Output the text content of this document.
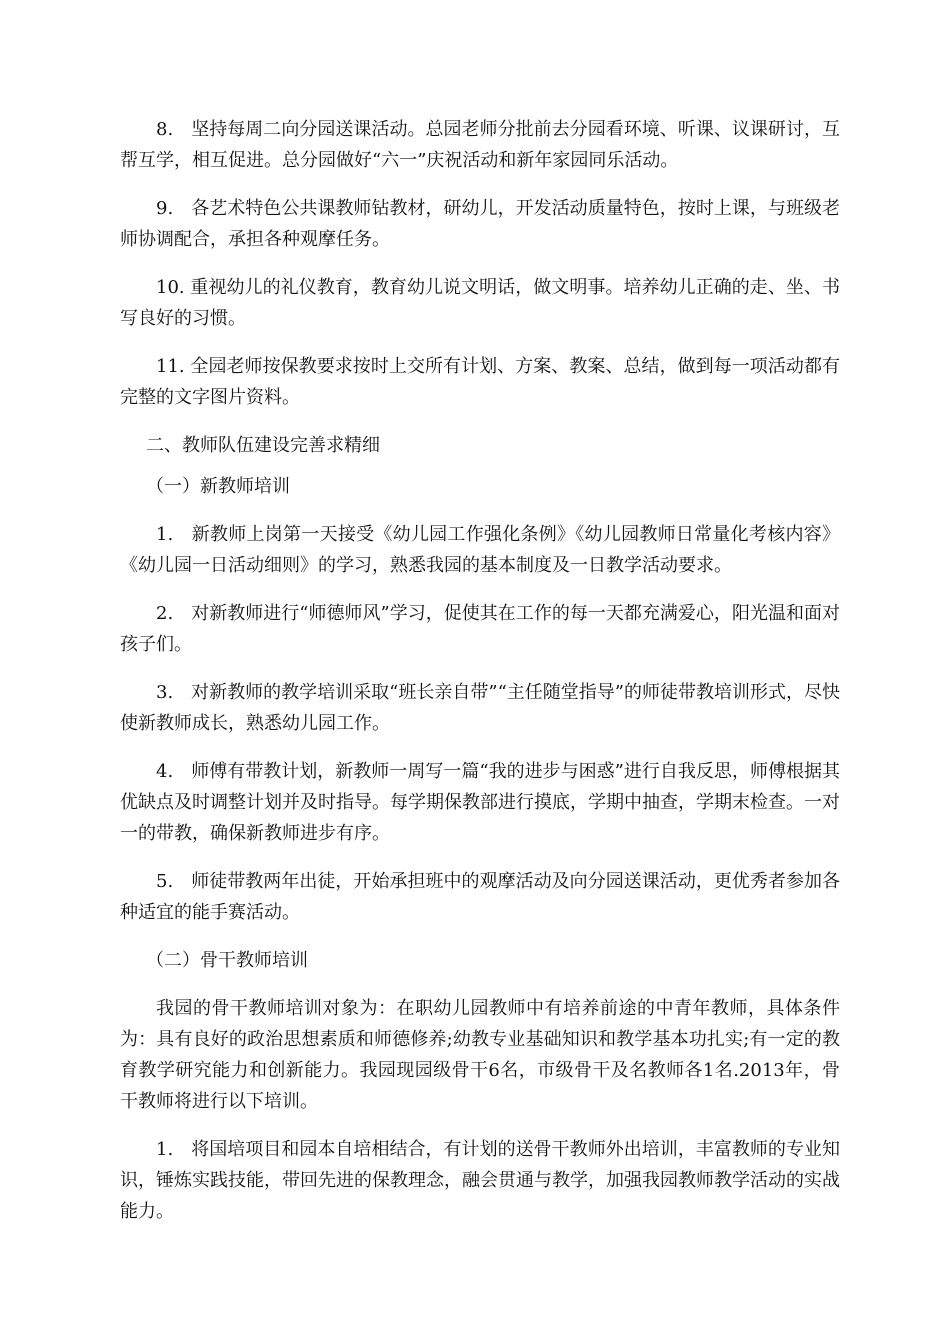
8.　坚持每周二向分园送课活动。总园老师分批前去分园看环境、听课、议课研讨，互帮互学，相互促进。总分园做好“六一”庆祝活动和新年家园同乐活动。

9.　各艺术特色公共课教师钻教材，研幼儿，开发活动质量特色，按时上课，与班级老师协调配合，承担各种观摩任务。

10. 重视幼儿的礼仪教育，教育幼儿说文明话，做文明事。培养幼儿正确的走、坐、书写良好的习惯。

11. 全园老师按保教要求按时上交所有计划、方案、教案、总结，做到每一项活动都有完整的文字图片资料。

二、教师队伍建设完善求精细

（一）新教师培训

1.　新教师上岗第一天接受《幼儿园工作强化条例》《幼儿园教师日常量化考核内容》《幼儿园一日活动细则》的学习，熟悉我园的基本制度及一日教学活动要求。

2.　对新教师进行“师德师风”学习，促使其在工作的每一天都充满爱心，阳光温和面对孩子们。

3.　对新教师的教学培训采取“班长亲自带”“主任随堂指导”的师徒带教培训形式，尽快使新教师成长，熟悉幼儿园工作。

4.　师傅有带教计划，新教师一周写一篇“我的进步与困惑”进行自我反思，师傅根据其优缺点及时调整计划并及时指导。每学期保教部进行摸底，学期中抽查，学期末检查。一对一的带教，确保新教师进步有序。

5.　师徒带教两年出徒，开始承担班中的观摩活动及向分园送课活动，更优秀者参加各种适宜的能手赛活动。

（二）骨干教师培训

我园的骨干教师培训对象为：在职幼儿园教师中有培养前途的中青年教师，具体条件为：具有良好的政治思想素质和师德修养;幼教专业基础知识和教学基本功扎实;有一定的教育教学研究能力和创新能力。我园现园级骨干6名，市级骨干及名教师各1名.2013年，骨干教师将进行以下培训。

1.　将国培项目和园本自培相结合，有计划的送骨干教师外出培训，丰富教师的专业知识，锤炼实践技能，带回先进的保教理念，融会贯通与教学，加强我园教师教学活动的实战能力。
